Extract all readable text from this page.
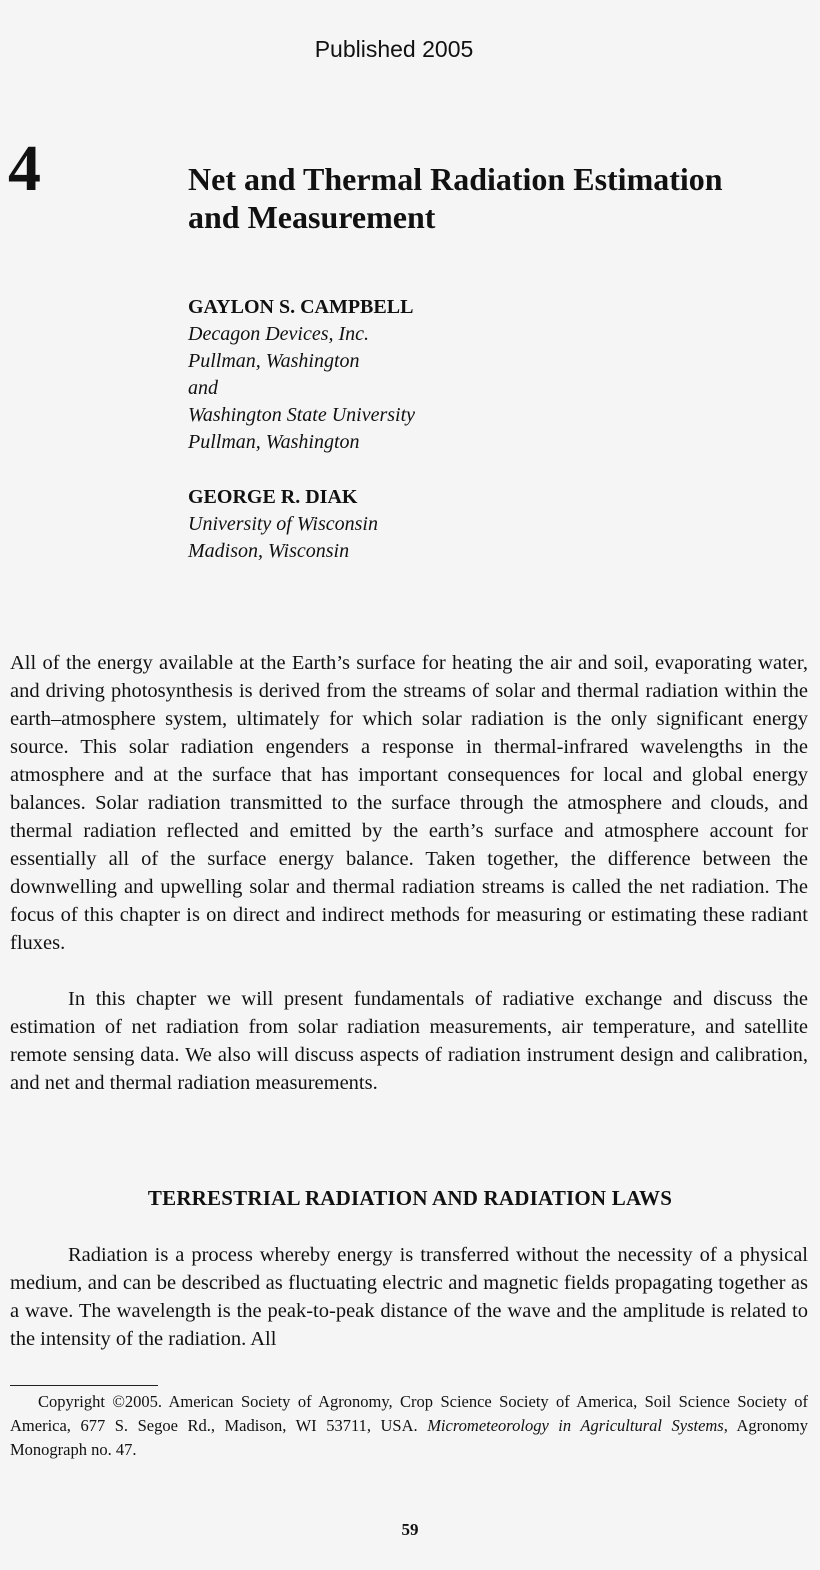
Published 2005
4	Net and Thermal Radiation Estimation
and Measurement
GAYLON S. CAMPBELL
Decagon Devices, Inc.
Pullman, Washington
and
Washington State University
Pullman, Washington
GEORGE R. DIAK
University of Wisconsin
Madison, Wisconsin

All of the energy available at the Earth’s surface for heating the air and soil, evaporating water, and driving photosynthesis is derived from the streams of solar and thermal radiation within the earth–atmosphere system, ultimately for which solar radiation is the only significant energy source. This solar radiation engenders a response in thermal-infrared wavelengths in the atmosphere and at the surface that has important consequences for local and global energy balances. Solar radiation transmitted to the surface through the atmosphere and clouds, and thermal radiation reflected and emitted by the earth’s surface and atmosphere account for essentially all of the surface energy balance. Taken together, the difference between the downwelling and upwelling solar and thermal radiation streams is called the net radiation. The focus of this chapter is on direct and indirect methods for measuring or estimating these radiant fluxes.

In this chapter we will present fundamentals of radiative exchange and discuss the estimation of net radiation from solar radiation measurements, air temperature, and satellite remote sensing data. We also will discuss aspects of radiation instrument design and calibration, and net and thermal radiation measurements.

TERRESTRIAL RADIATION AND RADIATION LAWS

Radiation is a process whereby energy is transferred without the necessity of a physical medium, and can be described as fluctuating electric and magnetic fields propagating together as a wave. The wavelength is the peak-to-peak distance of the wave and the amplitude is related to the intensity of the radiation. All

Copyright ©2005. American Society of Agronomy, Crop Science Society of America, Soil Science Society of America, 677 S. Segoe Rd., Madison, WI 53711, USA. Micrometeorology in Agricultural Systems, Agronomy Monograph no. 47.

59
